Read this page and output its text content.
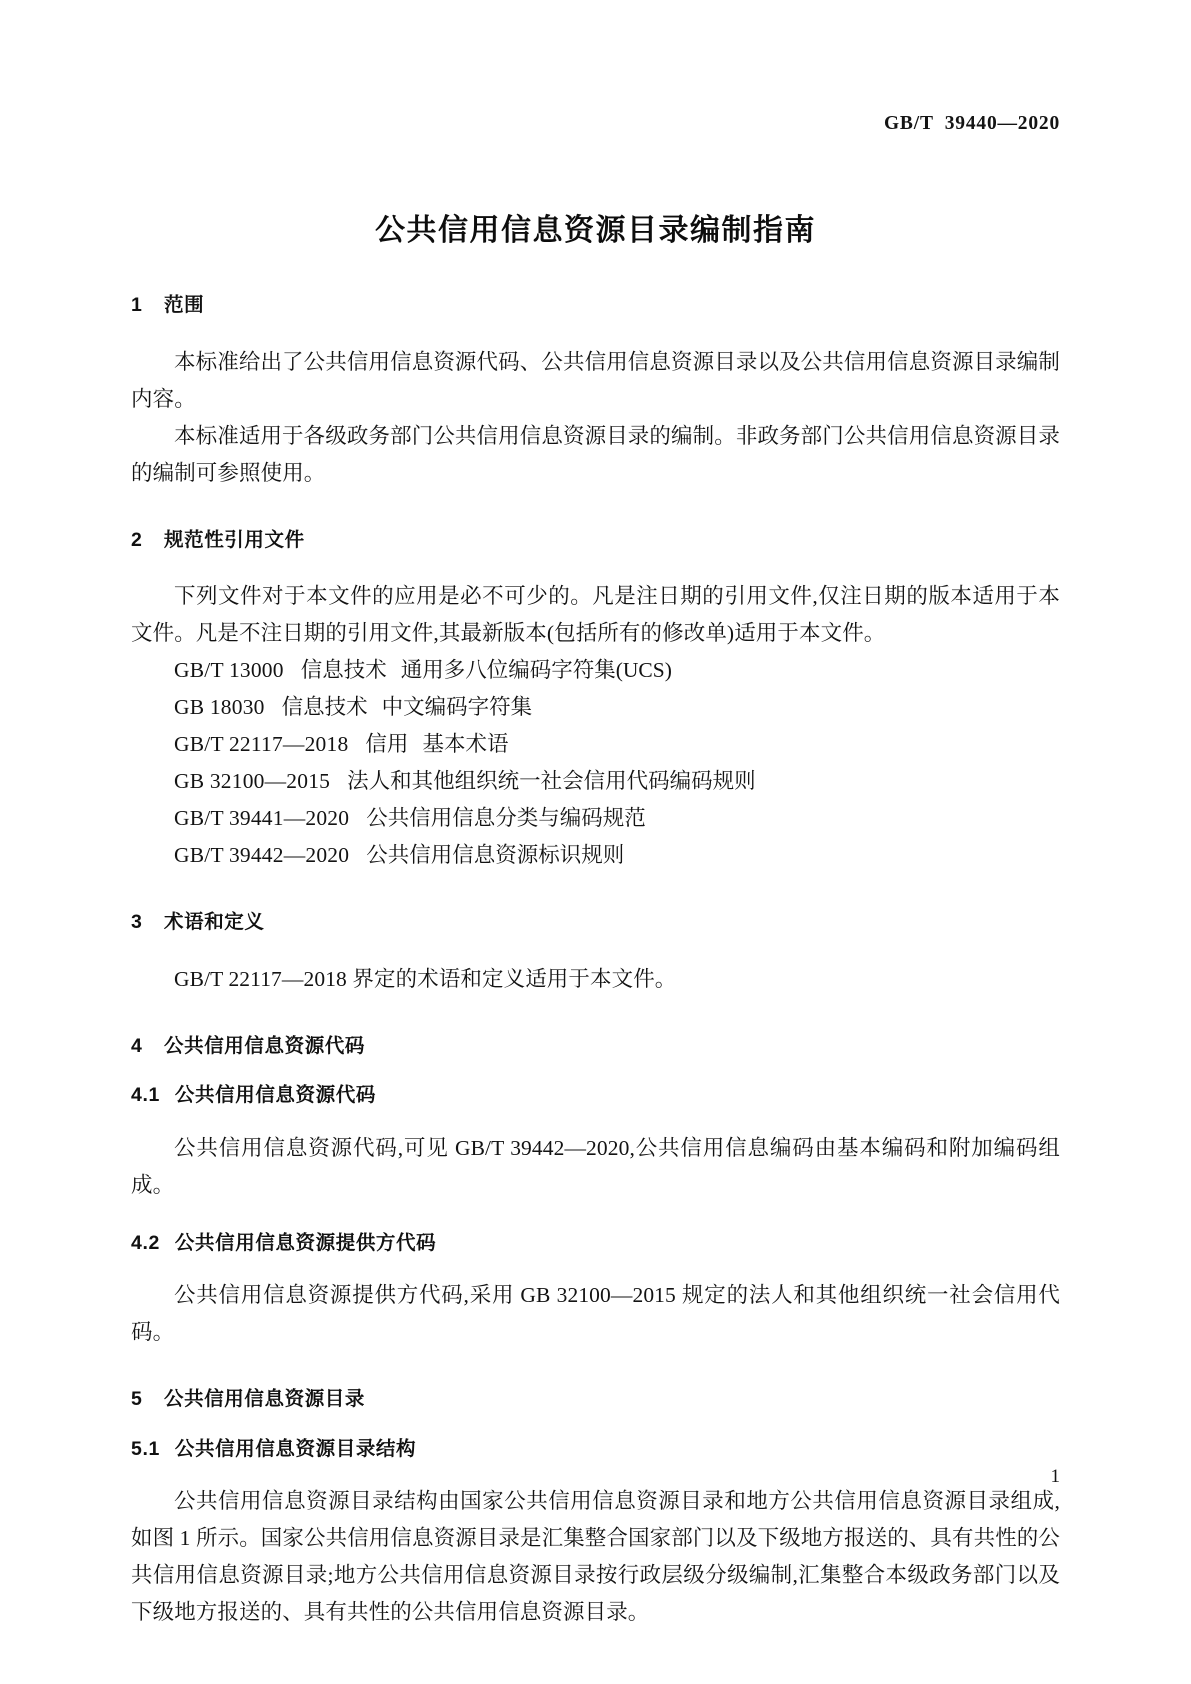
GB/T  39440—2020
公共信用信息资源目录编制指南
1 范围

本标准给出了公共信用信息资源代码、公共信用信息资源目录以及公共信用信息资源目录编制内容。

本标准适用于各级政务部门公共信用信息资源目录的编制。非政务部门公共信用信息资源目录的编制可参照使用。

2 规范性引用文件

下列文件对于本文件的应用是必不可少的。凡是注日期的引用文件,仅注日期的版本适用于本文件。凡是不注日期的引用文件,其最新版本(包括所有的修改单)适用于本文件。

GB/T 13000 信息技术 通用多八位编码字符集(UCS)
GB 18030 信息技术 中文编码字符集
GB/T 22117—2018 信用 基本术语
GB 32100—2015 法人和其他组织统一社会信用代码编码规则
GB/T 39441—2020 公共信用信息分类与编码规范
GB/T 39442—2020 公共信用信息资源标识规则
3 术语和定义

GB/T 22117—2018 界定的术语和定义适用于本文件。

4 公共信用信息资源代码
4.1 公共信用信息资源代码

公共信用信息资源代码,可见 GB/T 39442—2020,公共信用信息编码由基本编码和附加编码组成。

4.2 公共信用信息资源提供方代码

公共信用信息资源提供方代码,采用 GB 32100—2015 规定的法人和其他组织统一社会信用代码。

5 公共信用信息资源目录
5.1 公共信用信息资源目录结构

公共信用信息资源目录结构由国家公共信用信息资源目录和地方公共信用信息资源目录组成,如图 1 所示。国家公共信用信息资源目录是汇集整合国家部门以及下级地方报送的、具有共性的公共信用信息资源目录;地方公共信用信息资源目录按行政层级分级编制,汇集整合本级政务部门以及下级地方报送的、具有共性的公共信用信息资源目录。

1
